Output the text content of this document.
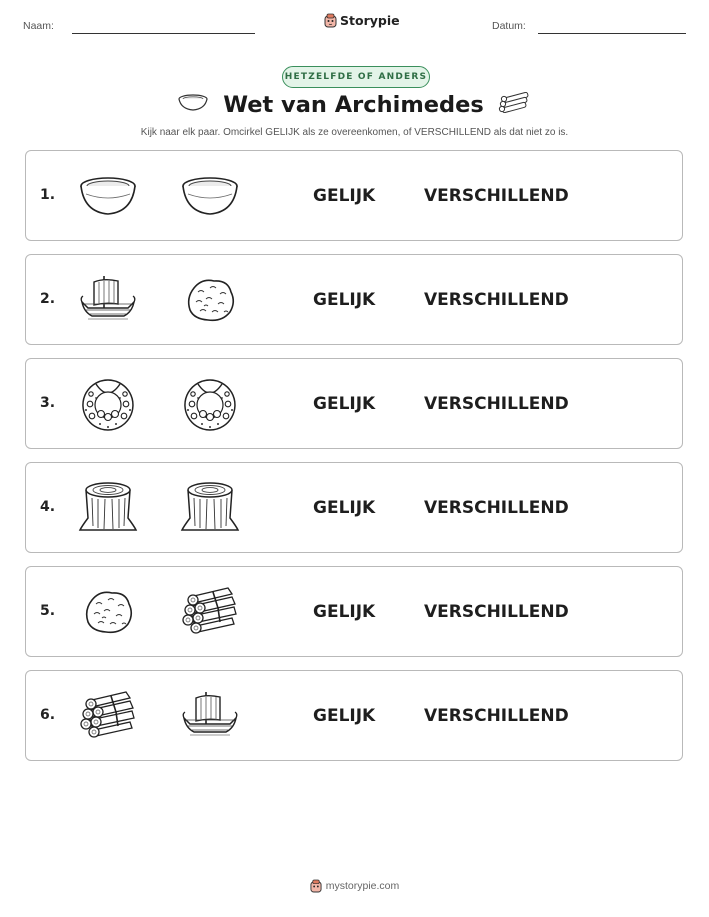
Naam:	Storypie	Datum:
HETZELFDE OF ANDERS
Wet van Archimedes
Kijk naar elk paar. Omcirkel GELIJK als ze overeenkomen, of VERSCHILLEND als dat niet zo is.
1.	GELIJK	VERSCHILLEND
2.	GELIJK	VERSCHILLEND
3.	GELIJK	VERSCHILLEND
4.	GELIJK	VERSCHILLEND
5.	GELIJK	VERSCHILLEND
6.	GELIJK	VERSCHILLEND
mystorypie.com
